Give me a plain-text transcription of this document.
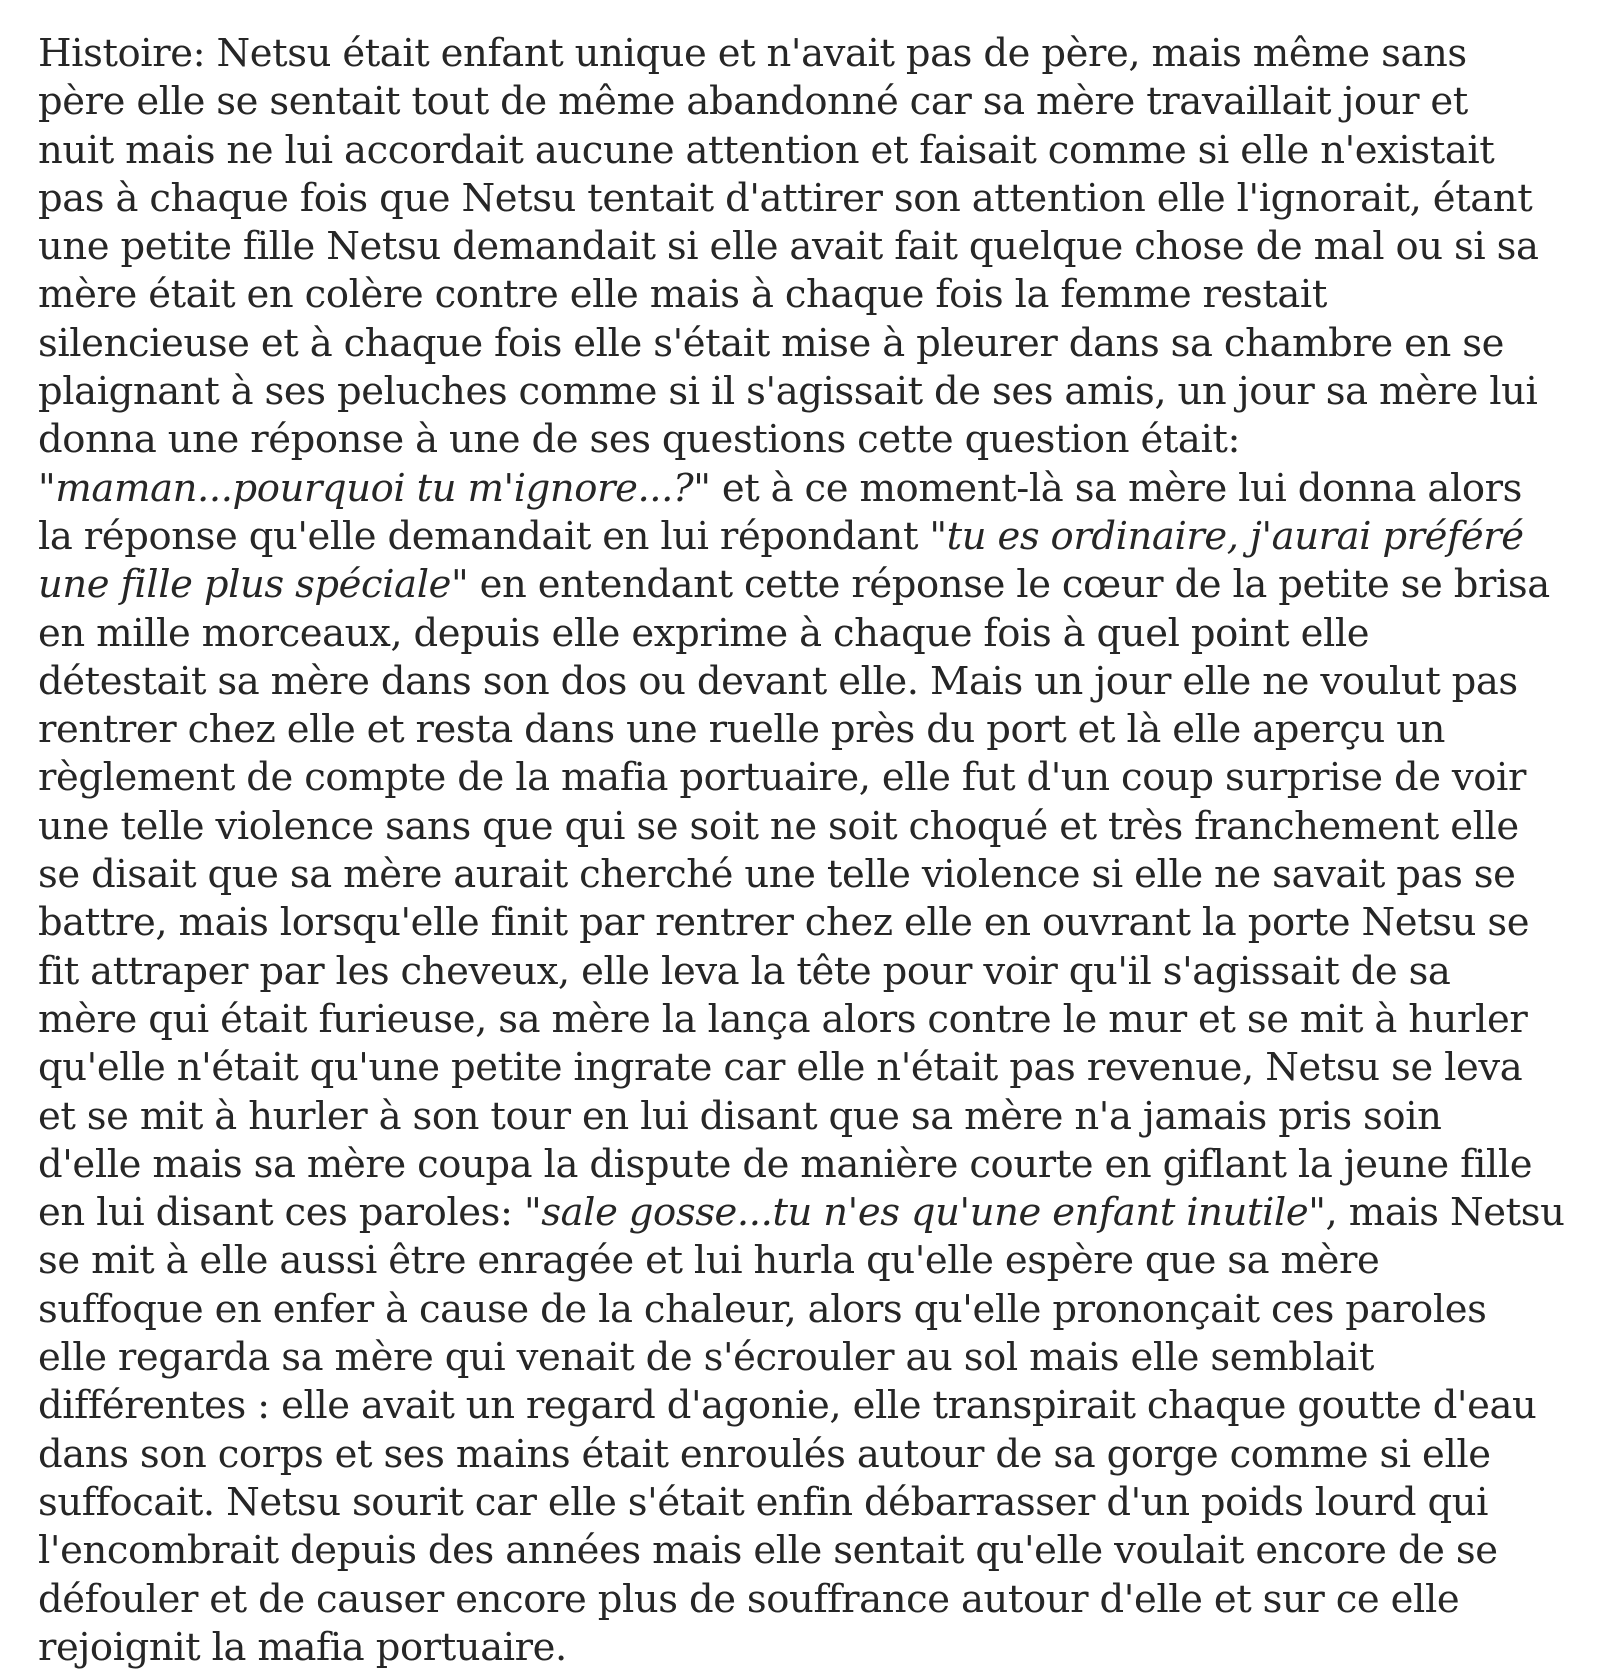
Histoire: Netsu était enfant unique et n'avait pas de père, mais même sans
père elle se sentait tout de même abandonné car sa mère travaillait jour et
nuit mais ne lui accordait aucune attention et faisait comme si elle n'existait
pas à chaque fois que Netsu tentait d'attirer son attention elle l'ignorait, étant
une petite fille Netsu demandait si elle avait fait quelque chose de mal ou si sa
mère était en colère contre elle mais à chaque fois la femme restait
silencieuse et à chaque fois elle s'était mise à pleurer dans sa chambre en se
plaignant à ses peluches comme si il s'agissait de ses amis, un jour sa mère lui
donna une réponse à une de ses questions cette question était:
"maman...pourquoi tu m'ignore...?" et à ce moment-là sa mère lui donna alors
la réponse qu'elle demandait en lui répondant "tu es ordinaire, j'aurai préféré
une fille plus spéciale" en entendant cette réponse le cœur de la petite se brisa
en mille morceaux, depuis elle exprime à chaque fois à quel point elle
détestait sa mère dans son dos ou devant elle. Mais un jour elle ne voulut pas
rentrer chez elle et resta dans une ruelle près du port et là elle aperçu un
règlement de compte de la mafia portuaire, elle fut d'un coup surprise de voir
une telle violence sans que qui se soit ne soit choqué et très franchement elle
se disait que sa mère aurait cherché une telle violence si elle ne savait pas se
battre, mais lorsqu'elle finit par rentrer chez elle en ouvrant la porte Netsu se
fit attraper par les cheveux, elle leva la tête pour voir qu'il s'agissait de sa
mère qui était furieuse, sa mère la lança alors contre le mur et se mit à hurler
qu'elle n'était qu'une petite ingrate car elle n'était pas revenue, Netsu se leva
et se mit à hurler à son tour en lui disant que sa mère n'a jamais pris soin
d'elle mais sa mère coupa la dispute de manière courte en giflant la jeune fille
en lui disant ces paroles: "sale gosse...tu n'es qu'une enfant inutile", mais Netsu
se mit à elle aussi être enragée et lui hurla qu'elle espère que sa mère
suffoque en enfer à cause de la chaleur, alors qu'elle prononçait ces paroles
elle regarda sa mère qui venait de s'écrouler au sol mais elle semblait
différentes : elle avait un regard d'agonie, elle transpirait chaque goutte d'eau
dans son corps et ses mains était enroulés autour de sa gorge comme si elle
suffocait. Netsu sourit car elle s'était enfin débarrasser d'un poids lourd qui
l'encombrait depuis des années mais elle sentait qu'elle voulait encore de se
défouler et de causer encore plus de souffrance autour d'elle et sur ce elle
rejoignit la mafia portuaire.
